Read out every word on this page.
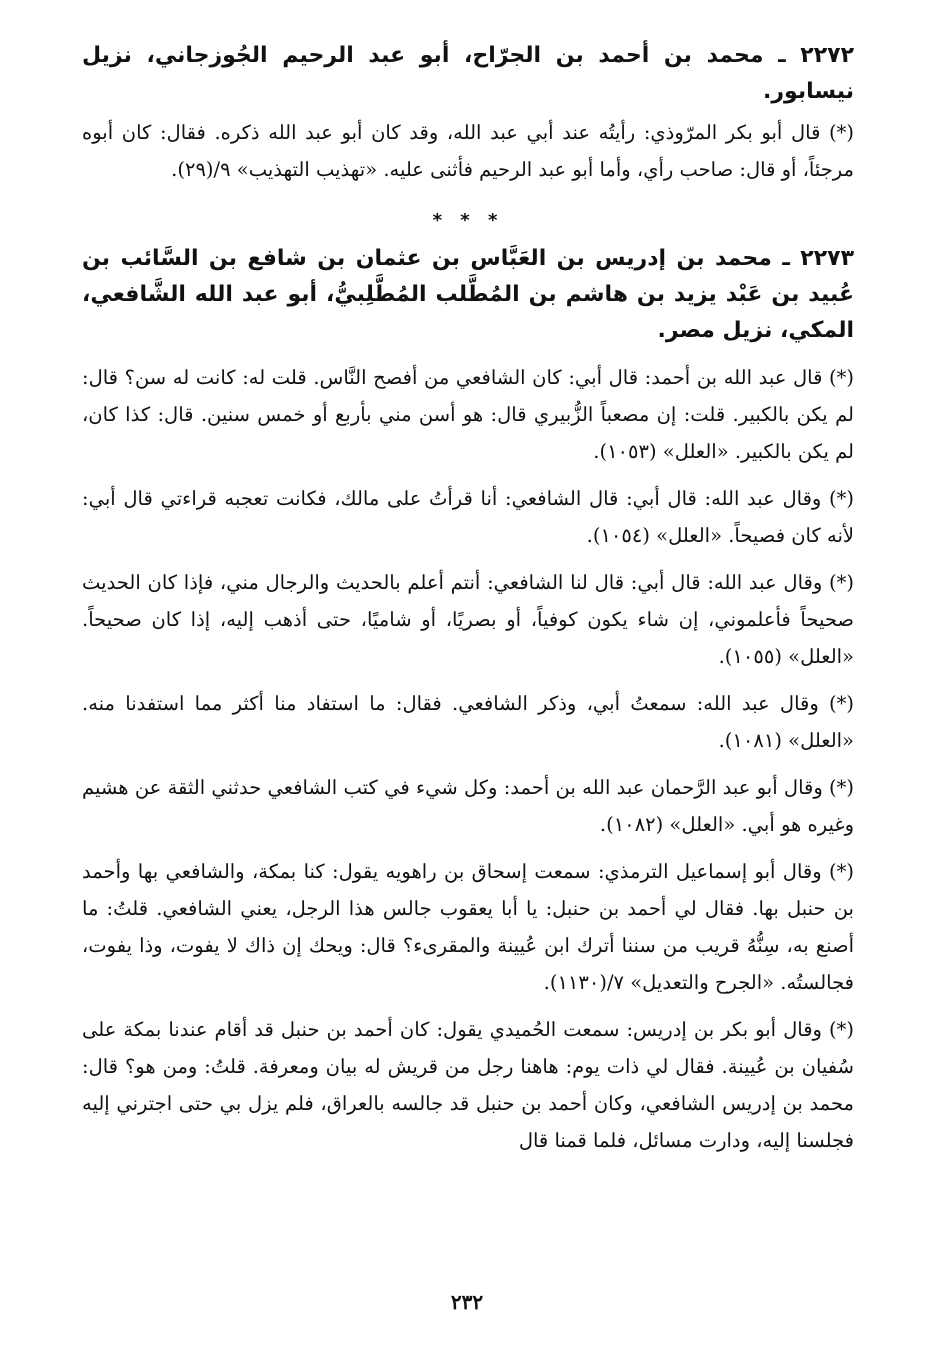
٢٢٧٢ ـ محمد بن أحمد بن الجرّاح، أبو عبد الرحيم الجُوزجاني، نزيل نيسابور.

(*) قال أبو بكر المرّوذي: رأيتُه عند أبي عبد الله، وقد كان أبو عبد الله ذكره. فقال: كان أبوه مرجئاً، أو قال: صاحب رأي، وأما أبو عبد الرحيم فأثنى عليه. «تهذيب التهذيب» ٩/(٢٩).

* * *

٢٢٧٣ ـ محمد بن إدريس بن العَبَّاس بن عثمان بن شافع بن السَّائب بن عُبيد بن عَبْد يزيد بن هاشم بن المُطَّلب المُطَّلِبيُّ، أبو عبد الله الشَّافعي، المكي، نزيل مصر.

(*) قال عبد الله بن أحمد: قال أبي: كان الشافعي من أفصح النَّاس. قلت له: كانت له سن؟ قال: لم يكن بالكبير. قلت: إن مصعباً الزُّبيري قال: هو أسن مني بأربع أو خمس سنين. قال: كذا كان، لم يكن بالكبير. «العلل» (١٠٥٣).

(*) وقال عبد الله: قال أبي: قال الشافعي: أنا قرأتُ على مالك، فكانت تعجبه قراءتي قال أبي: لأنه كان فصيحاً. «العلل» (١٠٥٤).

(*) وقال عبد الله: قال أبي: قال لنا الشافعي: أنتم أعلم بالحديث والرجال مني، فإذا كان الحديث صحيحاً فأعلموني، إن شاء يكون كوفياً، أو بصريًا، أو شاميًا، حتى أذهب إليه، إذا كان صحيحاً. «العلل» (١٠٥٥).

(*) وقال عبد الله: سمعتُ أبي، وذكر الشافعي. فقال: ما استفاد منا أكثر مما استفدنا منه. «العلل» (١٠٨١).

(*) وقال أبو عبد الرَّحمان عبد الله بن أحمد: وكل شيء في كتب الشافعي حدثني الثقة عن هشيم وغيره هو أبي. «العلل» (١٠٨٢).

(*) وقال أبو إسماعيل الترمذي: سمعت إسحاق بن راهويه يقول: كنا بمكة، والشافعي بها وأحمد بن حنبل بها. فقال لي أحمد بن حنبل: يا أبا يعقوب جالس هذا الرجل، يعني الشافعي. قلتُ: ما أصنع به، سِنُّهُ قريب من سننا أترك ابن عُيينة والمقرىء؟ قال: ويحك إن ذاك لا يفوت، وذا يفوت، فجالستُه. «الجرح والتعديل» ٧/(١١٣٠).

(*) وقال أبو بكر بن إدريس: سمعت الحُميدي يقول: كان أحمد بن حنبل قد أقام عندنا بمكة على سُفيان بن عُيينة. فقال لي ذات يوم: هاهنا رجل من قريش له بيان ومعرفة. قلتُ: ومن هو؟ قال: محمد بن إدريس الشافعي، وكان أحمد بن حنبل قد جالسه بالعراق، فلم يزل بي حتى اجترني إليه فجلسنا إليه، ودارت مسائل، فلما قمنا قال

٢٣٢
